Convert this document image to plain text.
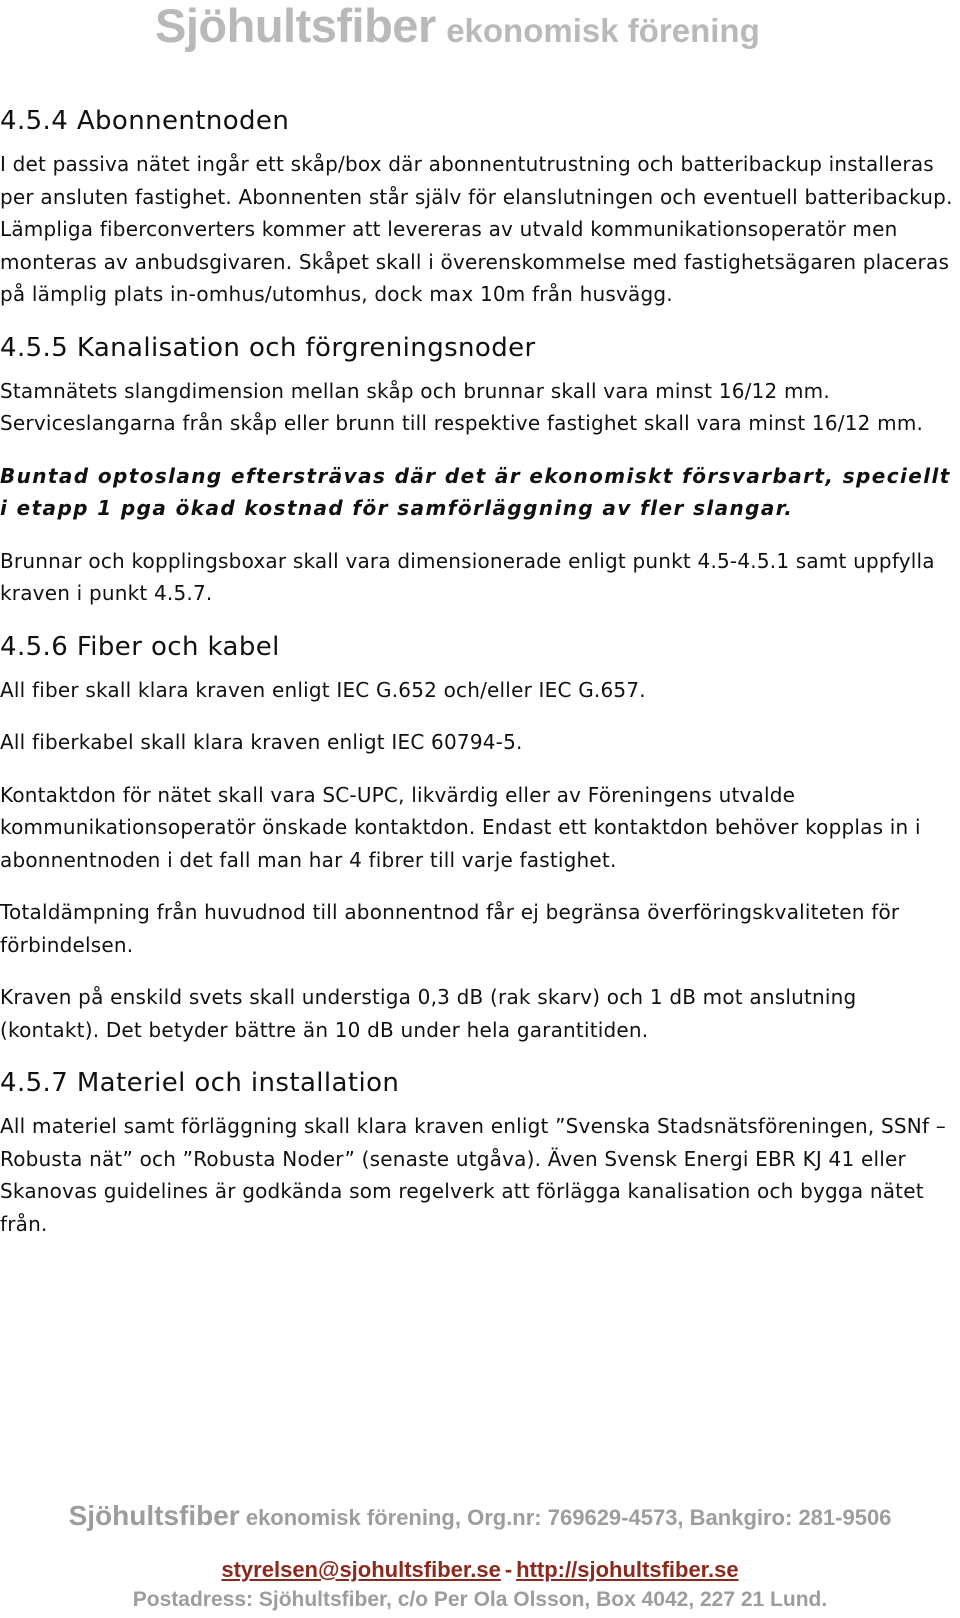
Sjöhultsfiber ekonomisk förening
4.5.4 Abonnentnoden

I det passiva nätet ingår ett skåp/box där abonnentutrustning och batteribackup installeras per ansluten fastighet. Abonnenten står själv för elanslutningen och eventuell batteribackup. Lämpliga fiberconverters kommer att levereras av utvald kommunikationsoperatör men monteras av anbudsgivaren. Skåpet skall i överenskommelse med fastighetsägaren placeras på lämplig plats in-omhus/utomhus, dock max 10m från husvägg.

4.5.5 Kanalisation och förgreningsnoder

Stamnätets slangdimension mellan skåp och brunnar skall vara minst 16/12 mm. Serviceslangarna från skåp eller brunn till respektive fastighet skall vara minst 16/12 mm.

Buntad optoslang eftersträvas där det är ekonomiskt försvarbart, speciellt i etapp 1 pga ökad kostnad för samförläggning av fler slangar.

Brunnar och kopplingsboxar skall vara dimensionerade enligt punkt 4.5-4.5.1 samt uppfylla kraven i punkt 4.5.7.

4.5.6 Fiber och kabel

All fiber skall klara kraven enligt IEC G.652 och/eller IEC G.657.

All fiberkabel skall klara kraven enligt IEC 60794-5.

Kontaktdon för nätet skall vara SC-UPC, likvärdig eller av Föreningens utvalde kommunikationsoperatör önskade kontaktdon. Endast ett kontaktdon behöver kopplas in i abonnentnoden i det fall man har 4 fibrer till varje fastighet.

Totaldämpning från huvudnod till abonnentnod får ej begränsa överföringskvaliteten för förbindelsen.

Kraven på enskild svets skall understiga 0,3 dB (rak skarv) och 1 dB mot anslutning (kontakt). Det betyder bättre än 10 dB under hela garantitiden.

4.5.7 Materiel och installation

All materiel samt förläggning skall klara kraven enligt ”Svenska Stadsnätsföreningen, SSNf – Robusta nät” och ”Robusta Noder” (senaste utgåva). Även Svensk Energi EBR KJ 41 eller Skanovas guidelines är godkända som regelverk att förlägga kanalisation och bygga nätet från.

Sjöhultsfiber ekonomisk förening, Org.nr: 769629-4573, Bankgiro: 281-9506
styrelsen@sjohultsfiber.se - http://sjohultsfiber.se
Postadress: Sjöhultsfiber, c/o Per Ola Olsson, Box 4042, 227 21 Lund.
